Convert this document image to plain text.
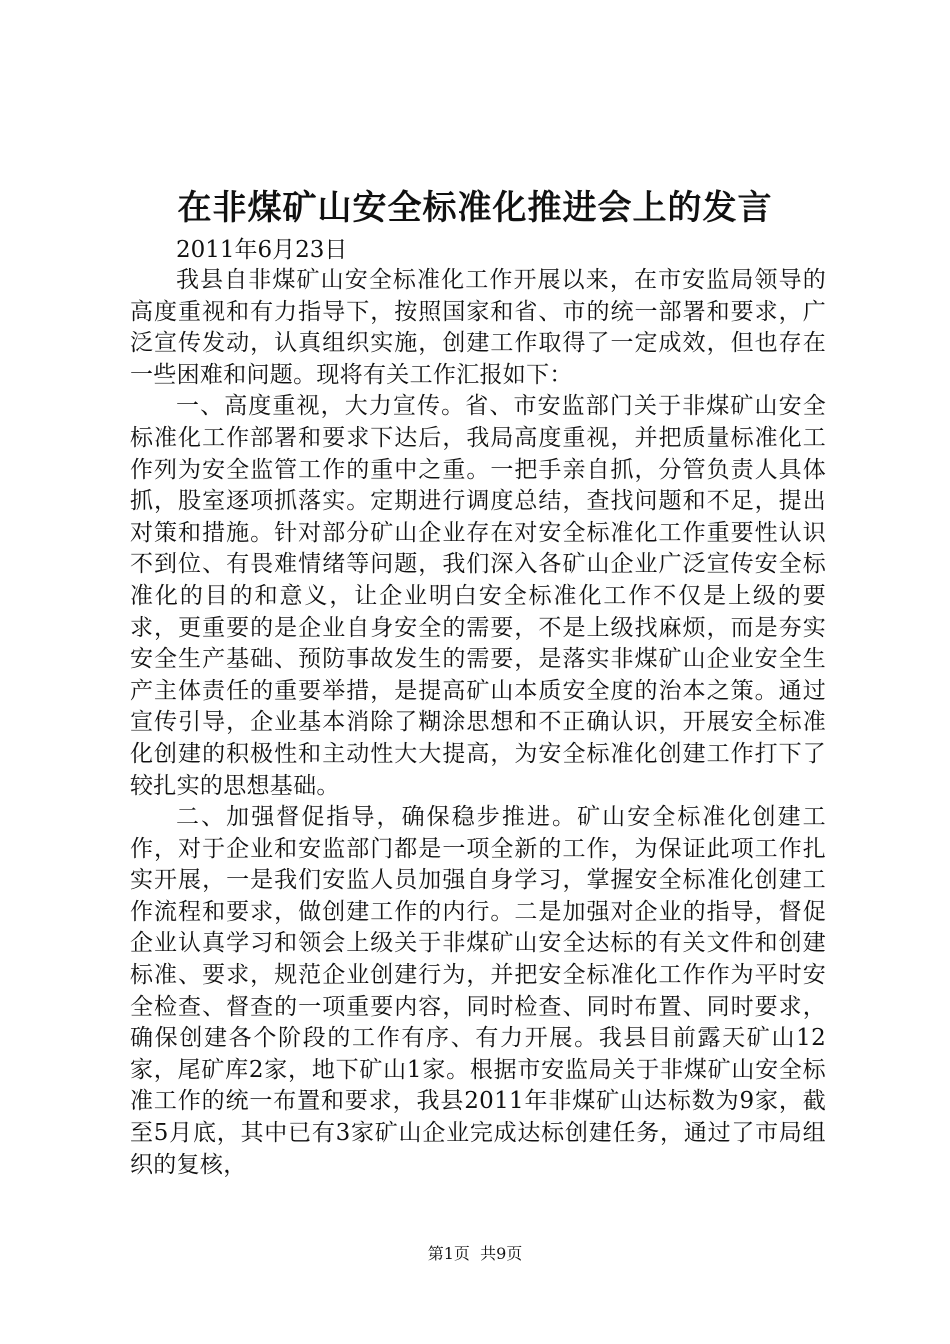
在非煤矿山安全标准化推进会上的发言

2011年6月23日

我县自非煤矿山安全标准化工作开展以来，在市安监局领导的高度重视和有力指导下，按照国家和省、市的统一部署和要求，广泛宣传发动，认真组织实施，创建工作取得了一定成效，但也存在一些困难和问题。现将有关工作汇报如下：

一、高度重视，大力宣传。省、市安监部门关于非煤矿山安全标准化工作部署和要求下达后，我局高度重视，并把质量标准化工作列为安全监管工作的重中之重。一把手亲自抓，分管负责人具体抓，股室逐项抓落实。定期进行调度总结，查找问题和不足，提出对策和措施。针对部分矿山企业存在对安全标准化工作重要性认识不到位、有畏难情绪等问题，我们深入各矿山企业广泛宣传安全标准化的目的和意义，让企业明白安全标准化工作不仅是上级的要求，更重要的是企业自身安全的需要，不是上级找麻烦，而是夯实安全生产基础、预防事故发生的需要，是落实非煤矿山企业安全生产主体责任的重要举措，是提高矿山本质安全度的治本之策。通过宣传引导，企业基本消除了糊涂思想和不正确认识，开展安全标准化创建的积极性和主动性大大提高，为安全标准化创建工作打下了较扎实的思想基础。

二、加强督促指导，确保稳步推进。矿山安全标准化创建工作，对于企业和安监部门都是一项全新的工作，为保证此项工作扎实开展，一是我们安监人员加强自身学习，掌握安全标准化创建工作流程和要求，做创建工作的内行。二是加强对企业的指导，督促企业认真学习和领会上级关于非煤矿山安全达标的有关文件和创建标准、要求，规范企业创建行为，并把安全标准化工作作为平时安全检查、督查的一项重要内容，同时检查、同时布置、同时要求，确保创建各个阶段的工作有序、有力开展。我县目前露天矿山12家，尾矿库2家，地下矿山1家。根据市安监局关于非煤矿山安全标准工作的统一布置和要求，我县2011年非煤矿山达标数为9家，截至5月底，其中已有3家矿山企业完成达标创建任务，通过了市局组织的复核，

第1页 共9页
